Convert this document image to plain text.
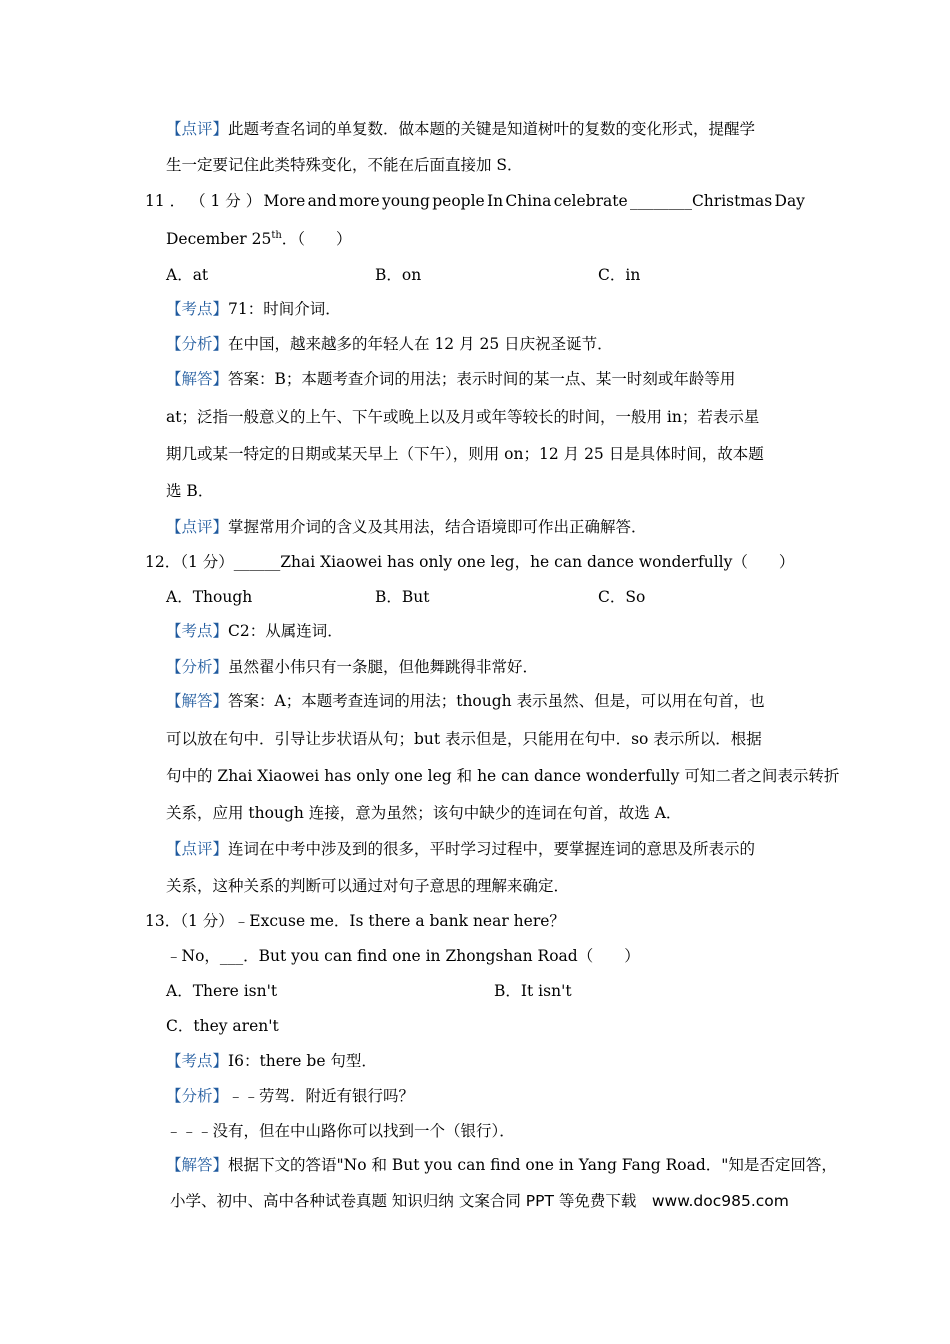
【点评】此题考查名词的单复数．做本题的关键是知道树叶的复数的变化形式，提醒学
生一定要记住此类特殊变化，不能在后面直接加 S．
11 ． （ 1 分 ） More and more young people In China celebrate ________Christmas Day
December 25th．（　　）
A．at	B．on	C．in
【考点】71：时间介词．
【分析】在中国，越来越多的年轻人在 12 月 25 日庆祝圣诞节．
【解答】答案：B；本题考查介词的用法；表示时间的某一点、某一时刻或年龄等用
at；泛指一般意义的上午、下午或晚上以及月或年等较长的时间，一般用 in；若表示星
期几或某一特定的日期或某天早上（下午），则用 on；12 月 25 日是具体时间，故本题
选 B．
【点评】掌握常用介词的含义及其用法，结合语境即可作出正确解答．
12．（1 分）______Zhai Xiaowei has only one leg，he can dance wonderfully（　　）
A．Though	B．But	C．So
【考点】C2：从属连词．
【分析】虽然翟小伟只有一条腿，但他舞跳得非常好．
【解答】答案：A；本题考查连词的用法；though 表示虽然、但是，可以用在句首，也
可以放在句中．引导让步状语从句；but 表示但是，只能用在句中．so 表示所以．根据
句中的 Zhai Xiaowei has only one leg 和 he can dance wonderfully 可知二者之间表示转折
关系，应用 though 连接，意为虽然；该句中缺少的连词在句首，故选 A．
【点评】连词在中考中涉及到的很多，平时学习过程中，要掌握连词的意思及所表示的
关系，这种关系的判断可以通过对句子意思的理解来确定．
13．（1 分）﹣Excuse me．Is there a bank near here？
﹣No，___．But you can find one in Zhongshan Road（　　）
A．There isn't	B．It isn't
C．they aren't
【考点】I6：there be 句型．
【分析】﹣﹣劳驾．附近有银行吗？
﹣﹣﹣没有，但在中山路你可以找到一个（银行）．
【解答】根据下文的答语"No 和 But you can find one in Yang Fang Road．"知是否定回答，
小学、初中、高中各种试卷真题 知识归纳 文案合同 PPT 等免费下载　www.doc985.com
